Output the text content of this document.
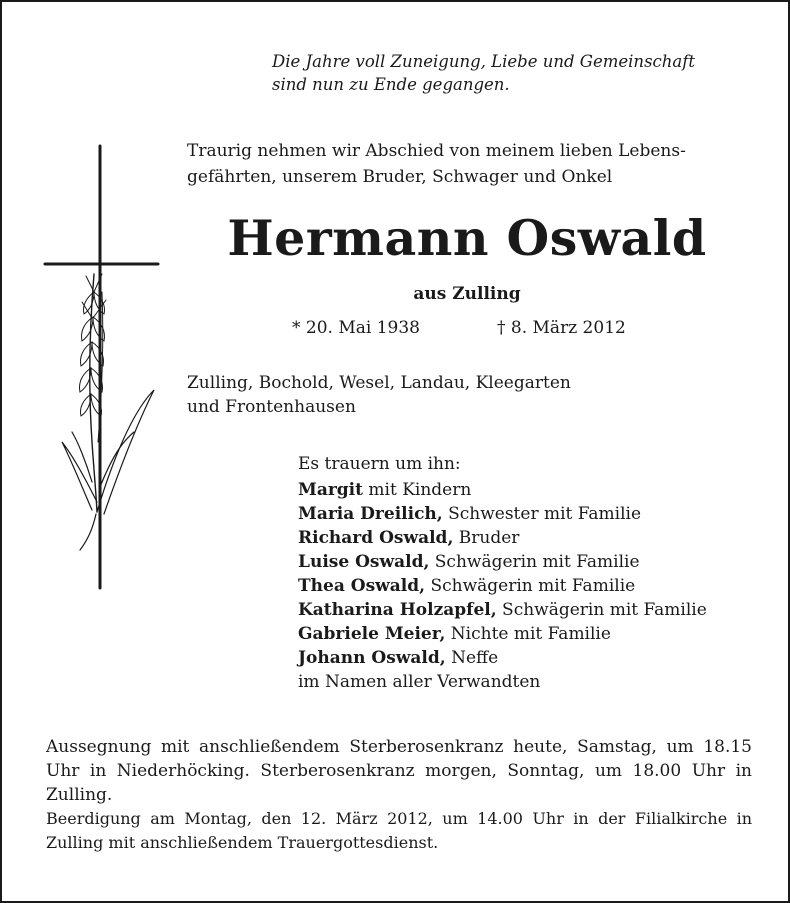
Die Jahre voll Zuneigung, Liebe und Gemeinschaft
sind nun zu Ende gegangen.
Traurig nehmen wir Abschied von meinem lieben Lebens-
gefährten, unserem Bruder, Schwager und Onkel
Hermann Oswald
aus Zulling
* 20. Mai 1938	† 8. März 2012
Zulling, Bochold, Wesel, Landau, Kleegarten
und Frontenhausen
Es trauern um ihn:
Margit mit Kindern
Maria Dreilich, Schwester mit Familie
Richard Oswald, Bruder
Luise Oswald, Schwägerin mit Familie
Thea Oswald, Schwägerin mit Familie
Katharina Holzapfel, Schwägerin mit Familie
Gabriele Meier, Nichte mit Familie
Johann Oswald, Neffe
im Namen aller Verwandten
Aussegnung mit anschließendem Sterberosenkranz heute, Samstag, um 18.15 Uhr in Niederhöcking. Sterberosenkranz morgen, Sonntag, um 18.00 Uhr in Zulling.
Beerdigung am Montag, den 12. März 2012, um 14.00 Uhr in der Filialkirche in Zulling mit anschließendem Trauergottesdienst.
